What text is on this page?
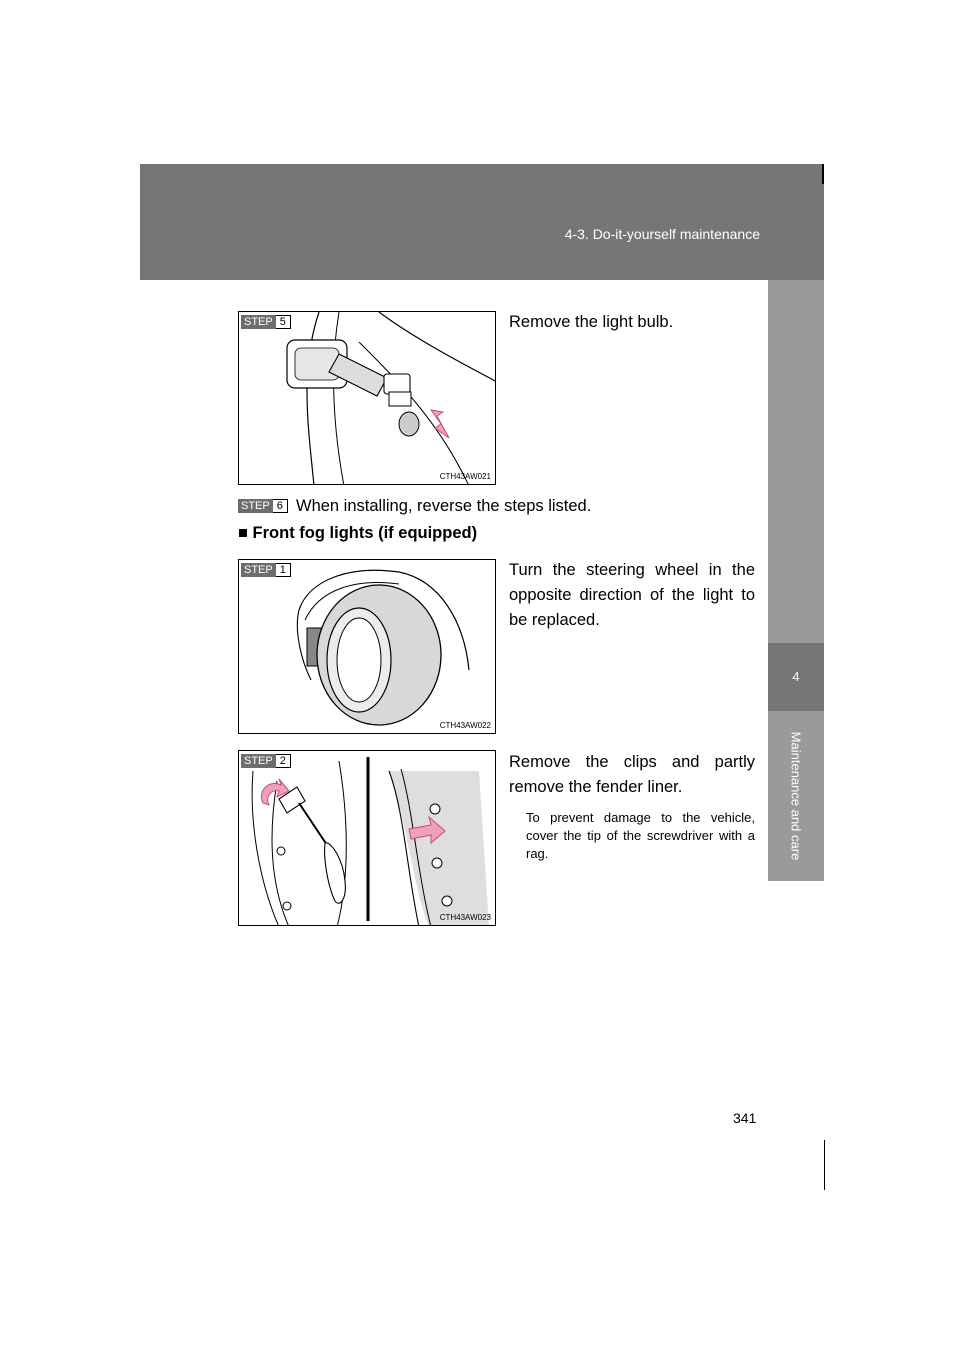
4-3. Do-it-yourself maintenance
4
Maintenance and care
STEP 5
CTH43AW021
Remove the light bulb.
STEP 6 When installing, reverse the steps listed.
■ Front fog lights (if equipped)
STEP 1
CTH43AW022
Turn the steering wheel in the opposite direction of the light to be replaced.
STEP 2
CTH43AW023
Remove the clips and partly remove the fender liner.
To prevent damage to the vehicle, cover the tip of the screwdriver with a rag.
341
